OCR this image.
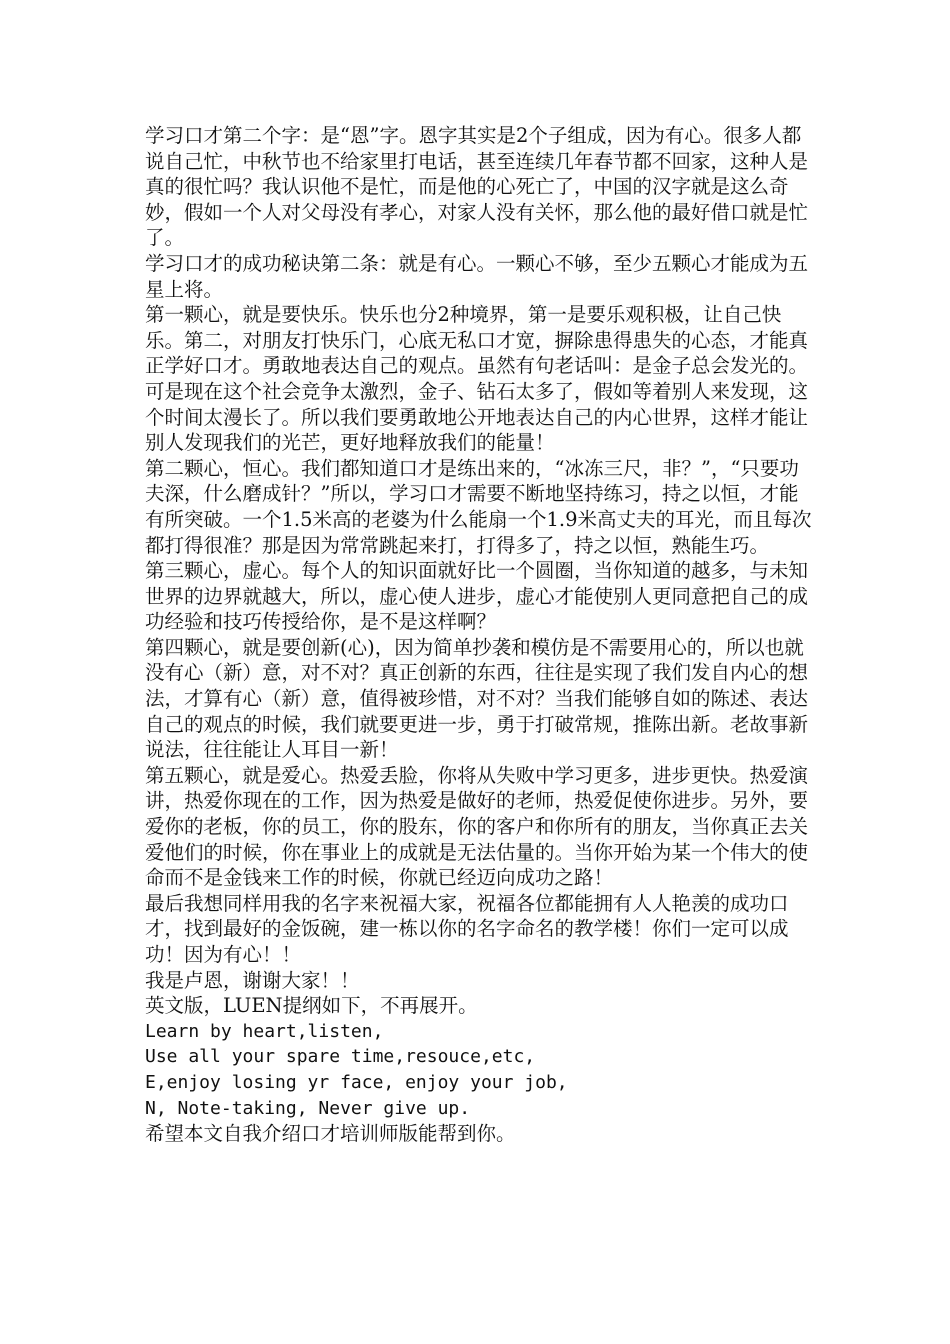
学习口才第二个字：是“恩”字。恩字其实是2个子组成，因为有心。很多人都说自己忙，中秋节也不给家里打电话，甚至连续几年春节都不回家，这种人是真的很忙吗？我认识他不是忙，而是他的心死亡了，中国的汉字就是这么奇妙，假如一个人对父母没有孝心，对家人没有关怀，那么他的最好借口就是忙了。

学习口才的成功秘诀第二条：就是有心。一颗心不够，至少五颗心才能成为五星上将。

第一颗心，就是要快乐。快乐也分2种境界，第一是要乐观积极，让自己快乐。第二，对朋友打快乐门，心底无私口才宽，摒除患得患失的心态，才能真正学好口才。勇敢地表达自己的观点。虽然有句老话叫：是金子总会发光的。可是现在这个社会竞争太激烈，金子、钻石太多了，假如等着别人来发现，这个时间太漫长了。所以我们要勇敢地公开地表达自己的内心世界，这样才能让别人发现我们的光芒，更好地释放我们的能量！

第二颗心，恒心。我们都知道口才是练出来的，“冰冻三尺，非？”，“只要功夫深，什么磨成针？”所以，学习口才需要不断地坚持练习，持之以恒，才能有所突破。一个1.5米高的老婆为什么能扇一个1.9米高丈夫的耳光，而且每次都打得很准？那是因为常常跳起来打，打得多了，持之以恒，熟能生巧。

第三颗心，虚心。每个人的知识面就好比一个圆圈，当你知道的越多，与未知世界的边界就越大，所以，虚心使人进步，虚心才能使别人更同意把自己的成功经验和技巧传授给你，是不是这样啊？

第四颗心，就是要创新(心)，因为简单抄袭和模仿是不需要用心的，所以也就没有心（新）意，对不对？真正创新的东西，往往是实现了我们发自内心的想法，才算有心（新）意，值得被珍惜，对不对？当我们能够自如的陈述、表达自己的观点的时候，我们就要更进一步，勇于打破常规，推陈出新。老故事新说法，往往能让人耳目一新！

第五颗心，就是爱心。热爱丢脸，你将从失败中学习更多，进步更快。热爱演讲，热爱你现在的工作，因为热爱是做好的老师，热爱促使你进步。另外，要爱你的老板，你的员工，你的股东，你的客户和你所有的朋友，当你真正去关爱他们的时候，你在事业上的成就是无法估量的。当你开始为某一个伟大的使命而不是金钱来工作的时候，你就已经迈向成功之路！

最后我想同样用我的名字来祝福大家，祝福各位都能拥有人人艳羡的成功口才，找到最好的金饭碗，建一栋以你的名字命名的教学楼！你们一定可以成功！因为有心！！

我是卢恩，谢谢大家！！

英文版，LUEN提纲如下，不再展开。

Learn by heart,listen,

Use all your spare time,resouce,etc,

E,enjoy losing yr face, enjoy your job,

N, Note-taking, Never give up.

希望本文自我介绍口才培训师版能帮到你。
